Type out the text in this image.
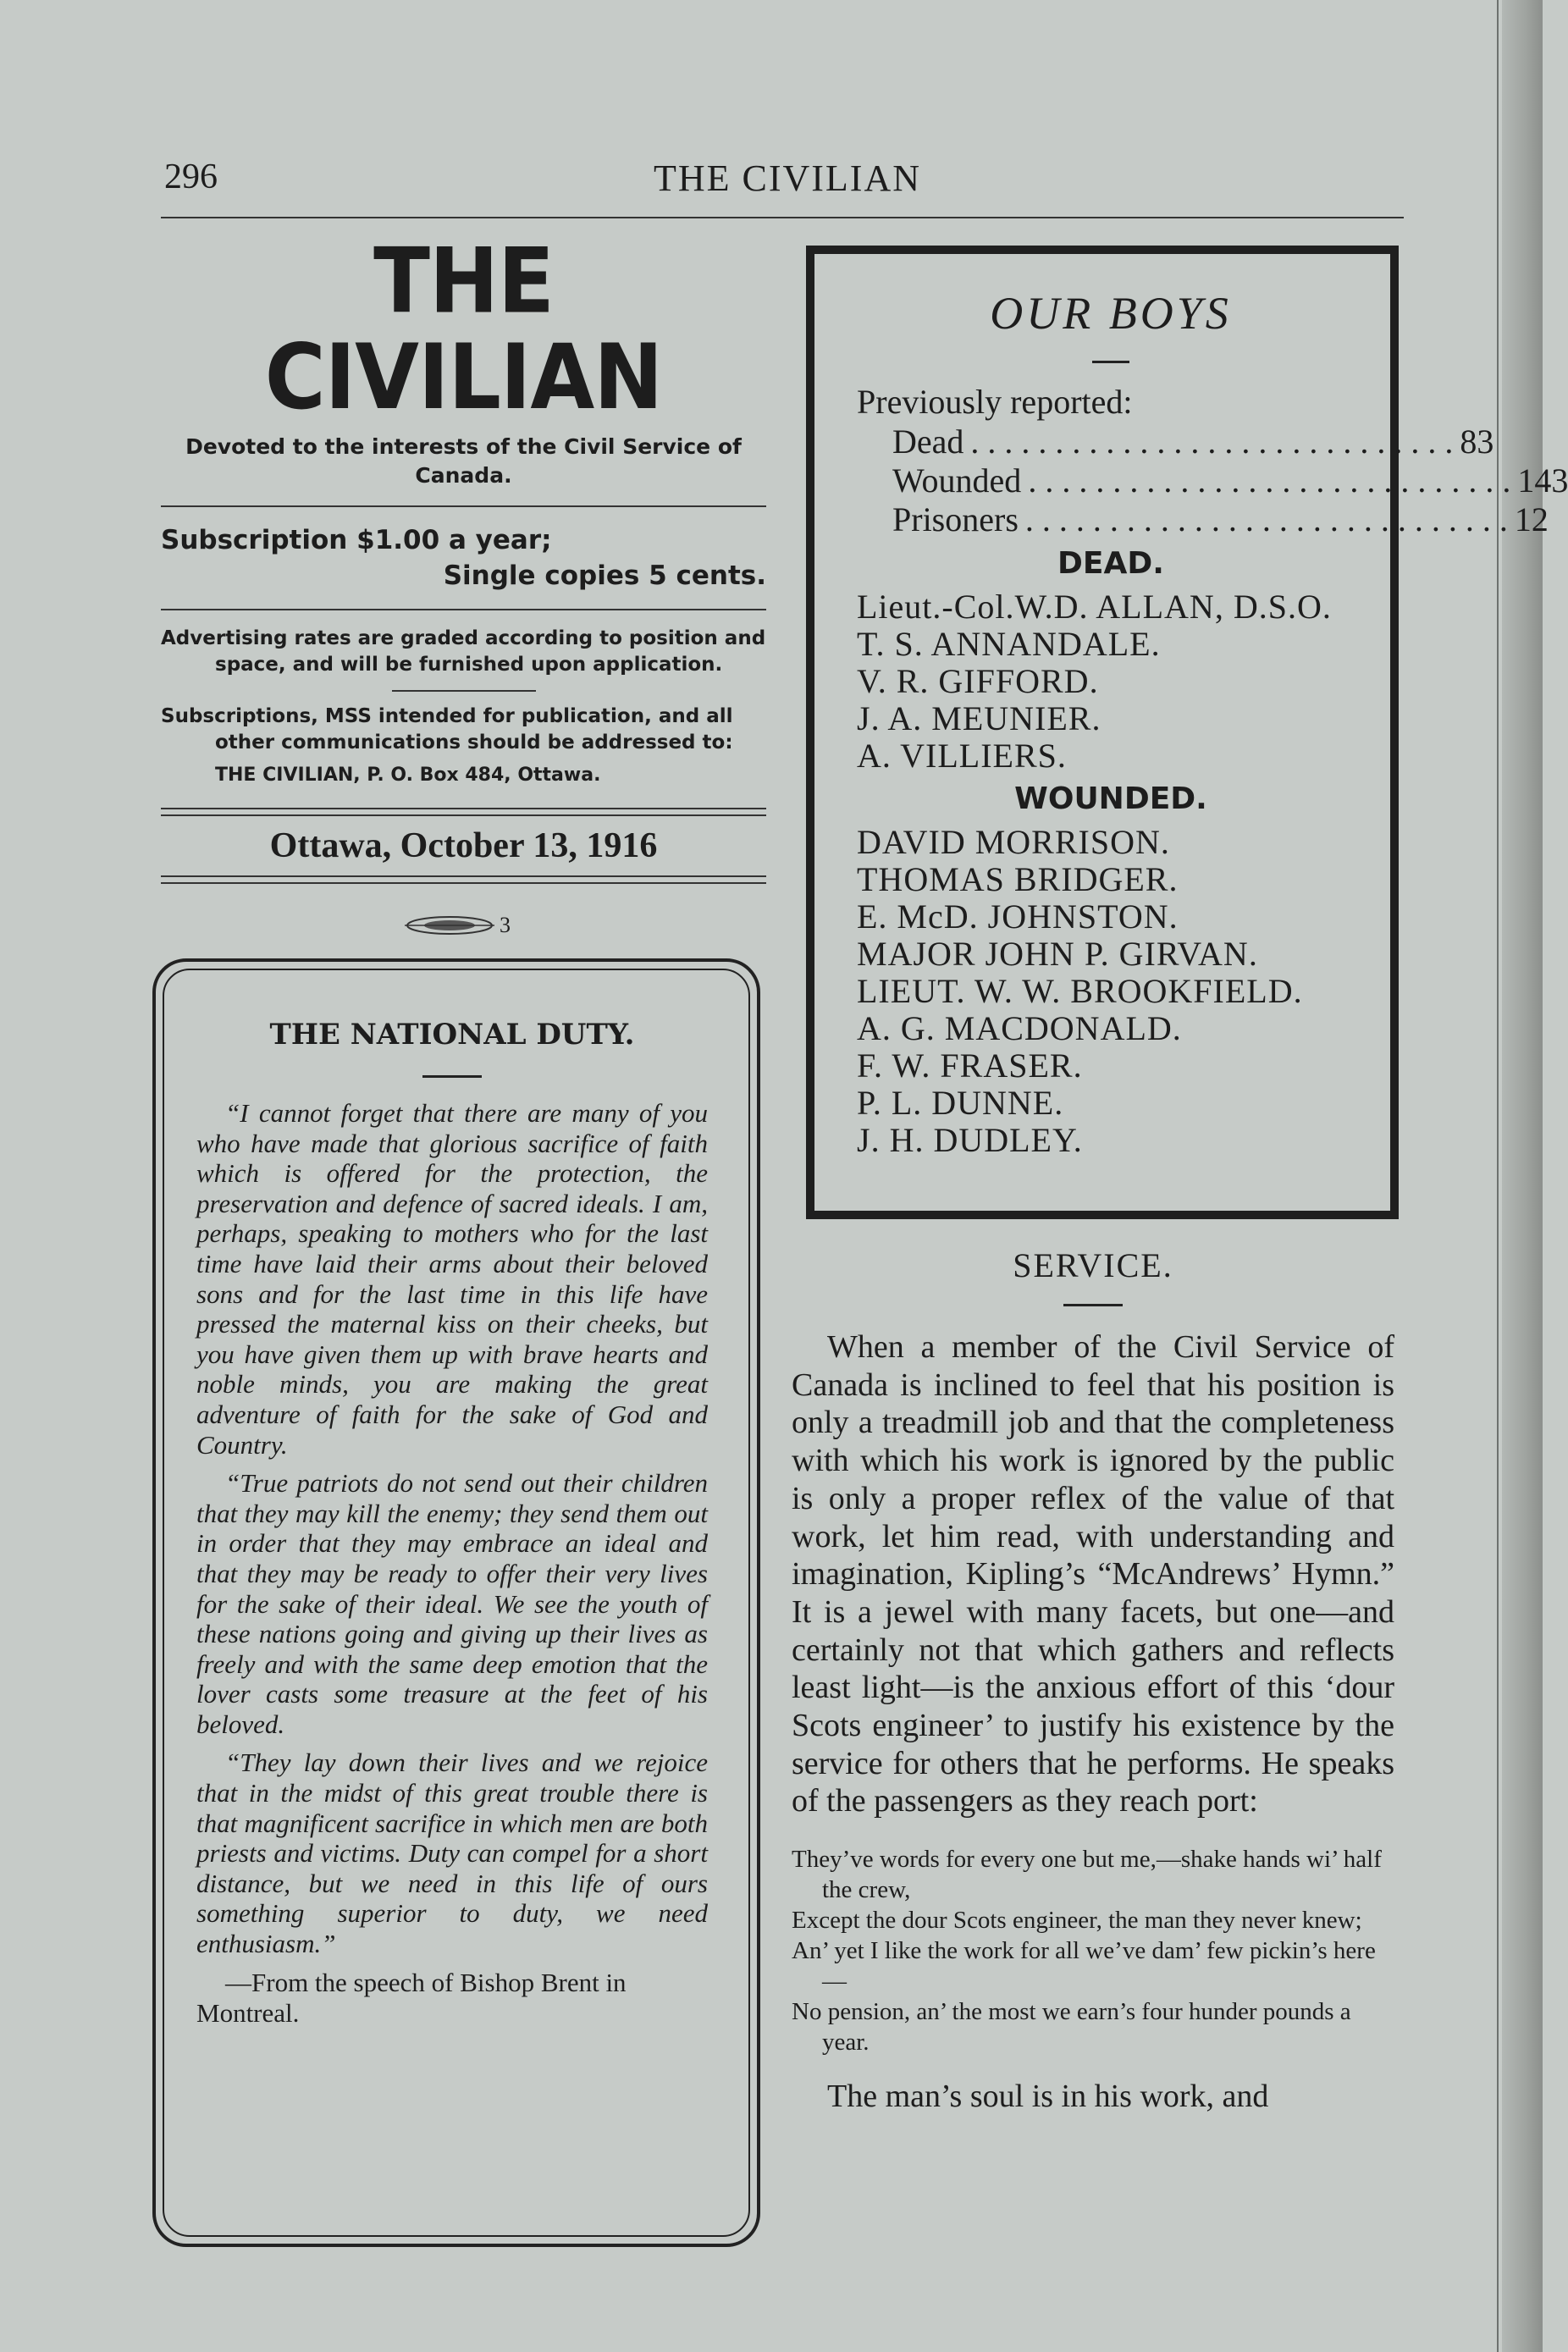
296	THE CIVILIAN
THE CIVILIAN
Devoted to the interests of the Civil Service of Canada.
Subscription $1.00 a year;
Single copies 5 cents.
Advertising rates are graded according to position and space, and will be furnished upon application.
Subscriptions, MSS intended for publication, and all other communications should be addressed to:
THE CIVILIAN, P. O. Box 484, Ottawa.
Ottawa, October 13, 1916
3
OUR BOYS
Previously reported:
Dead . . . . . . . . . . . . . . . . . . . . . . . . . . . . . 83
Wounded . . . . . . . . . . . . . . . . . . . . . . . . . . . . . 143
Prisoners . . . . . . . . . . . . . . . . . . . . . . . . . . . . . 12
DEAD.
Lieut.-Col.W.D. ALLAN, D.S.O.
T. S. ANNANDALE.
V. R. GIFFORD.
J. A. MEUNIER.
A. VILLIERS.
WOUNDED.
DAVID MORRISON.
THOMAS BRIDGER.
E. McD. JOHNSTON.
MAJOR JOHN P. GIRVAN.
LIEUT. W. W. BROOKFIELD.
A. G. MACDONALD.
F. W. FRASER.
P. L. DUNNE.
J. H. DUDLEY.
THE NATIONAL DUTY.

“I cannot forget that there are many of you who have made that glorious sacrifice of faith which is offered for the protection, the preservation and defence of sacred ideals. I am, perhaps, speaking to mothers who for the last time have laid their arms about their beloved sons and for the last time in this life have pressed the maternal kiss on their cheeks, but you have given them up with brave hearts and noble minds, you are making the great adventure of faith for the sake of God and Country.

“True patriots do not send out their children that they may kill the enemy; they send them out in order that they may embrace an ideal and that they may be ready to offer their very lives for the sake of their ideal. We see the youth of these nations going and giving up their lives as freely and with the same deep emotion that the lover casts some treasure at the feet of his beloved.

“They lay down their lives and we rejoice that in the midst of this great trouble there is that magnificent sacrifice in which men are both priests and victims. Duty can compel for a short distance, but we need in this life of ours something superior to duty, we need enthusiasm.”

—From the speech of Bishop Brent in Montreal.

SERVICE.

When a member of the Civil Service of Canada is inclined to feel that his position is only a treadmill job and that the completeness with which his work is ignored by the public is only a proper reflex of the value of that work, let him read, with understanding and imagination, Kipling’s “McAndrews’ Hymn.” It is a jewel with many facets, but one—and certainly not that which gathers and reflects least light—is the anxious effort of this ‘dour Scots engineer’ to justify his existence by the service for others that he performs. He speaks of the passengers as they reach port:

They’ve words for every one but me,—shake hands wi’ half the crew,
Except the dour Scots engineer, the man they never knew;
An’ yet I like the work for all we’ve dam’ few pickin’s here—
No pension, an’ the most we earn’s four hunder pounds a year.
The man’s soul is in his work, and
